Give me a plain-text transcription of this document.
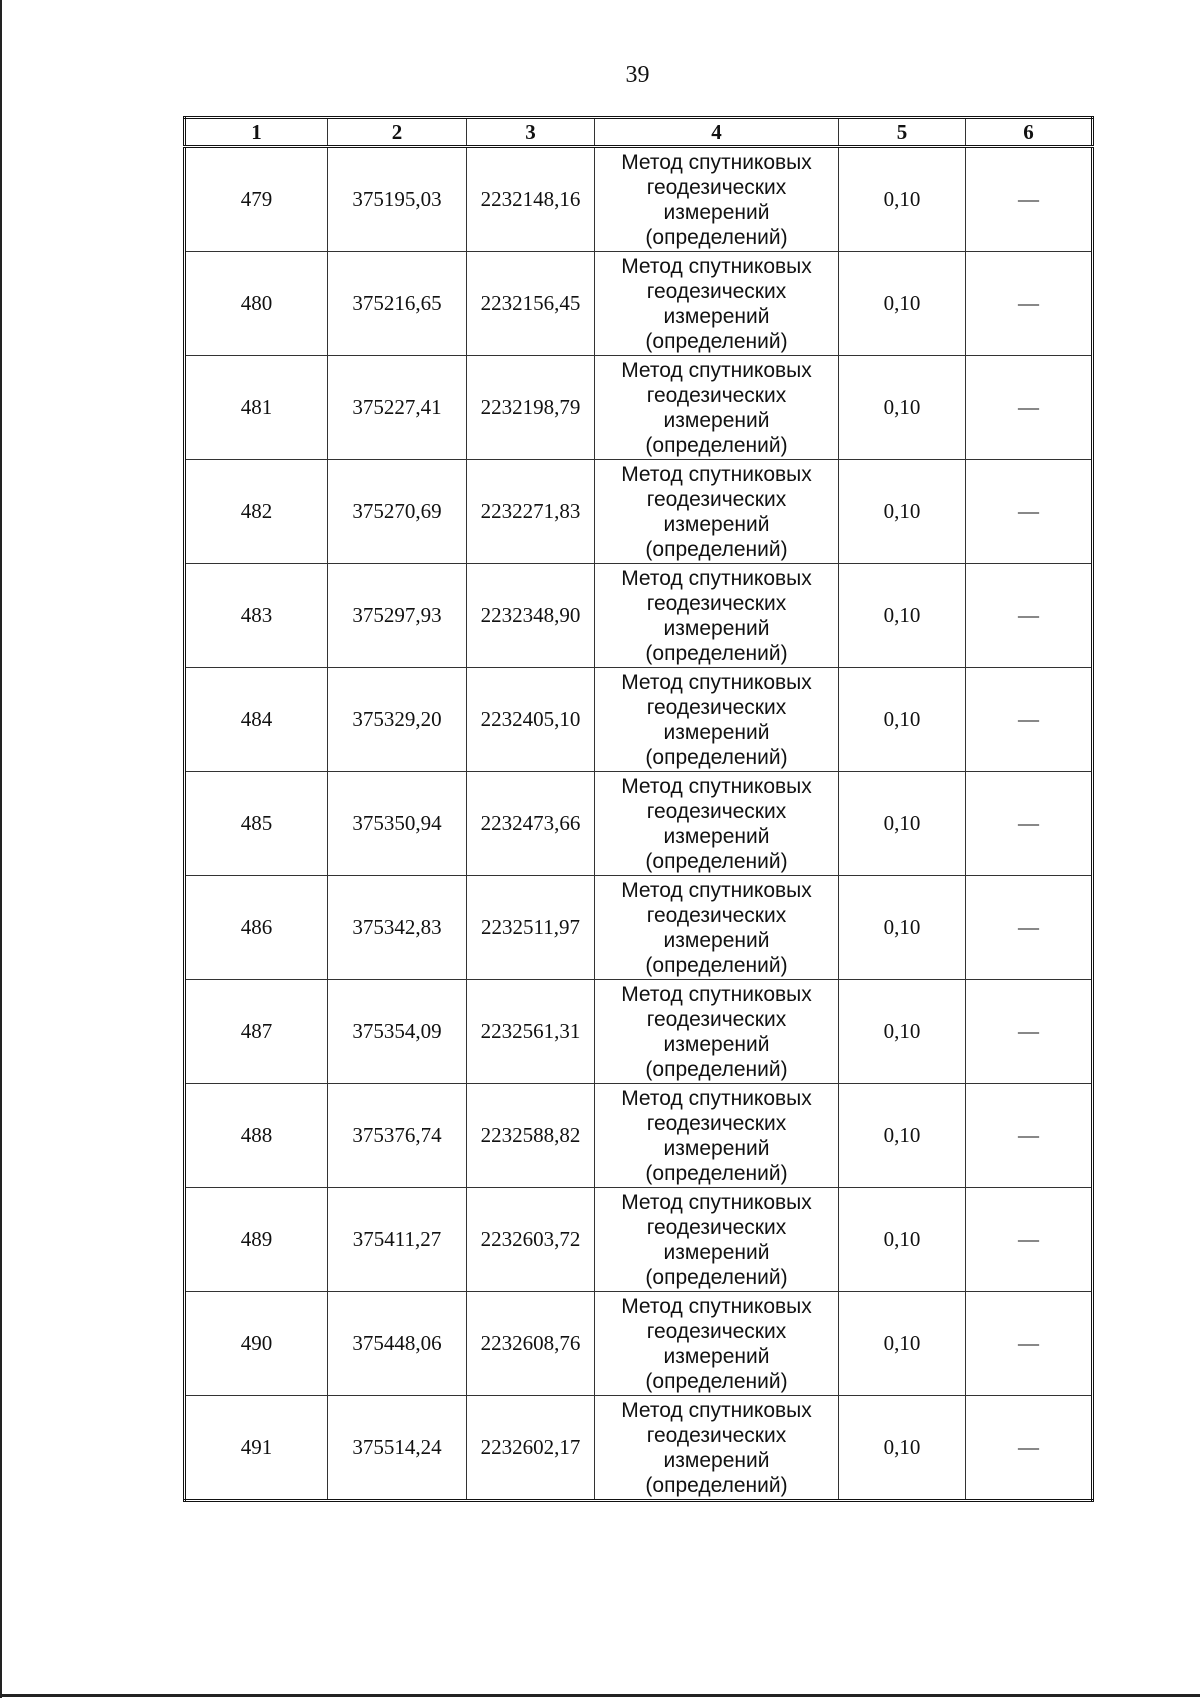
39
1	2	3	4	5	6
479	375195,03	2232148,16	Метод спутниковых
геодезических
измерений
(определений)	0,10	—
480	375216,65	2232156,45	Метод спутниковых
геодезических
измерений
(определений)	0,10	—
481	375227,41	2232198,79	Метод спутниковых
геодезических
измерений
(определений)	0,10	—
482	375270,69	2232271,83	Метод спутниковых
геодезических
измерений
(определений)	0,10	—
483	375297,93	2232348,90	Метод спутниковых
геодезических
измерений
(определений)	0,10	—
484	375329,20	2232405,10	Метод спутниковых
геодезических
измерений
(определений)	0,10	—
485	375350,94	2232473,66	Метод спутниковых
геодезических
измерений
(определений)	0,10	—
486	375342,83	2232511,97	Метод спутниковых
геодезических
измерений
(определений)	0,10	—
487	375354,09	2232561,31	Метод спутниковых
геодезических
измерений
(определений)	0,10	—
488	375376,74	2232588,82	Метод спутниковых
геодезических
измерений
(определений)	0,10	—
489	375411,27	2232603,72	Метод спутниковых
геодезических
измерений
(определений)	0,10	—
490	375448,06	2232608,76	Метод спутниковых
геодезических
измерений
(определений)	0,10	—
491	375514,24	2232602,17	Метод спутниковых
геодезических
измерений
(определений)	0,10	—
